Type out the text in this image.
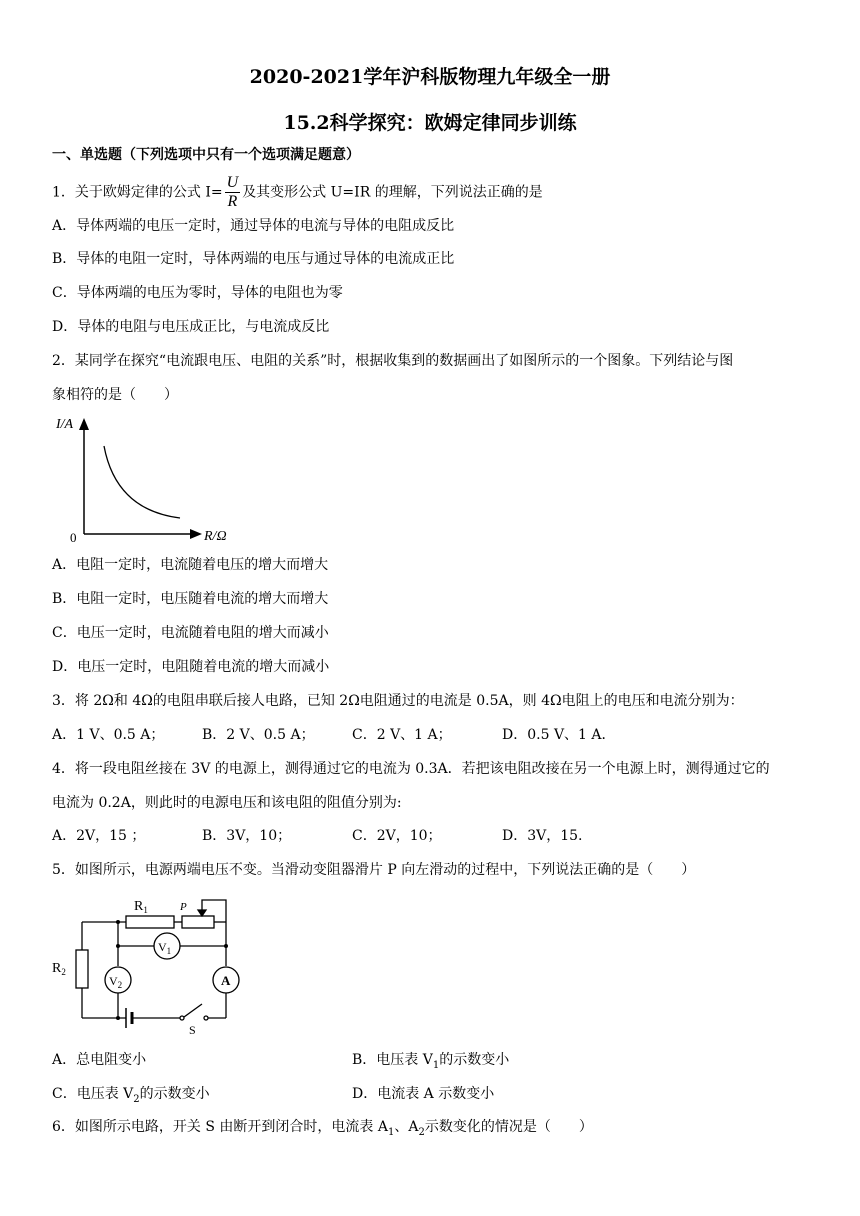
2020-2021学年沪科版物理九年级全一册
15.2科学探究：欧姆定律同步训练
一、单选题（下列选项中只有一个选项满足题意）
1．关于欧姆定律的公式 $I= \frac{U}{R}$ 及其变形公式 U=IR 的理解，下列说法正确的是
A．导体两端的电压一定时，通过导体的电流与导体的电阻成反比
B．导体的电阻一定时，导体两端的电压与通过导体的电流成正比
C．导体两端的电压为零时，导体的电阻也为零
D．导体的电阻与电压成正比，与电流成反比
2．某同学在探究“电流跟电压、电阻的关系”时，根据收集到的数据画出了如图所示的一个图象。下列结论与图
象相符的是（　　）
I/A
R/Ω
0
A．电阻一定时，电流随着电压的增大而增大
B．电阻一定时，电压随着电流的增大而增大
C．电压一定时，电流随着电阻的增大而减小
D．电压一定时，电阻随着电流的增大而减小
3．将 2Ω和 4Ω的电阻串联后接人电路，已知 2Ω电阻通过的电流是 0.5A，则 4Ω电阻上的电压和电流分别为：
A．1 V、0.5 A；	B．2 V、0.5 A；	C．2 V、1 A；	D．0.5 V、1 A．
4．将一段电阻丝接在 3V 的电源上，测得通过它的电流为 0.3A．若把该电阻改接在另一个电源上时，测得通过它的
电流为 0.2A，则此时的电源电压和该电阻的阻值分别为:
A．2V，15 ；	B．3V，10；	C．2V，10；	D．3V，15.
5．如图所示，电源两端电压不变。当滑动变阻器滑片 P 向左滑动的过程中，下列说法正确的是（　　）
$R_1$	P
$R_2$
$V_1$
$V_2$	A
S
A．总电阻变小	B．电压表 $V_1$的示数变小
C．电压表 $V_2$的示数变小	D．电流表 A 示数变小
6．如图所示电路，开关 S 由断开到闭合时，电流表 $A_1$、$A_2$示数变化的情况是（　　）
